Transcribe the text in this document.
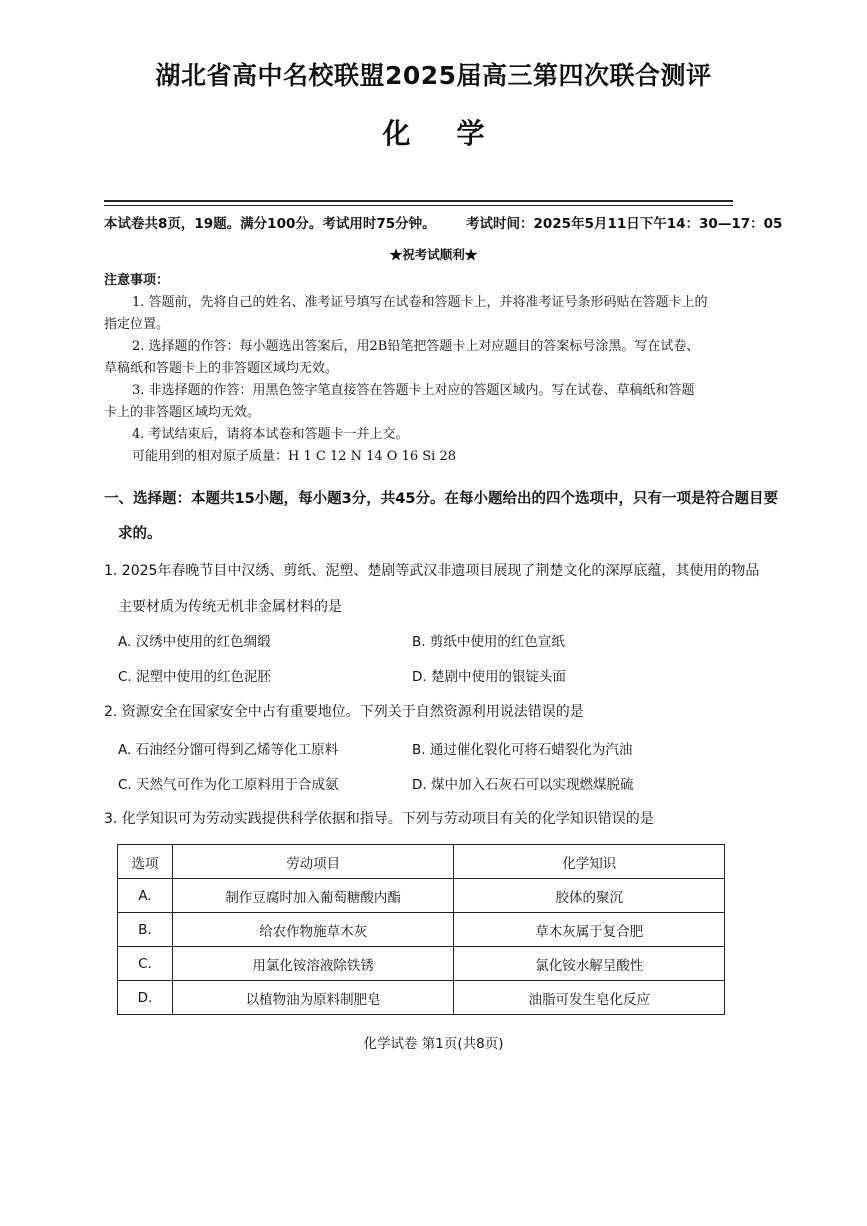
湖北省高中名校联盟2025届高三第四次联合测评
化学
本试卷共8页，19题。满分100分。考试用时75分钟。 考试时间：2025年5月11日下午14：30—17：05
★祝考试顺利★
注意事项：
1. 答题前，先将自己的姓名、准考证号填写在试卷和答题卡上，并将准考证号条形码贴在答题卡上的
指定位置。
2. 选择题的作答：每小题选出答案后，用2B铅笔把答题卡上对应题目的答案标号涂黑。写在试卷、
草稿纸和答题卡上的非答题区域均无效。
3. 非选择题的作答：用黑色签字笔直接答在答题卡上对应的答题区域内。写在试卷、草稿纸和答题
卡上的非答题区域均无效。
4. 考试结束后，请将本试卷和答题卡一并上交。
可能用到的相对原子质量：H 1 C 12 N 14 O 16 Si 28
一、选择题：本题共15小题，每小题3分，共45分。在每小题给出的四个选项中，只有一项是符合题目要
求的。
1. 2025年春晚节目中汉绣、剪纸、泥塑、楚剧等武汉非遗项目展现了荆楚文化的深厚底蕴，其使用的物品
主要材质为传统无机非金属材料的是
A. 汉绣中使用的红色绸缎	B. 剪纸中使用的红色宣纸
C. 泥塑中使用的红色泥胚	D. 楚剧中使用的银锭头面
2. 资源安全在国家安全中占有重要地位。下列关于自然资源利用说法错误的是
A. 石油经分馏可得到乙烯等化工原料	B. 通过催化裂化可将石蜡裂化为汽油
C. 天然气可作为化工原料用于合成氨	D. 煤中加入石灰石可以实现燃煤脱硫
3. 化学知识可为劳动实践提供科学依据和指导。下列与劳动项目有关的化学知识错误的是
选项	劳动项目	化学知识
A.	制作豆腐时加入葡萄糖酸内酯	胶体的聚沉
B.	给农作物施草木灰	草木灰属于复合肥
C.	用氯化铵溶液除铁锈	氯化铵水解呈酸性
D.	以植物油为原料制肥皂	油脂可发生皂化反应
化学试卷 第1页(共8页)
